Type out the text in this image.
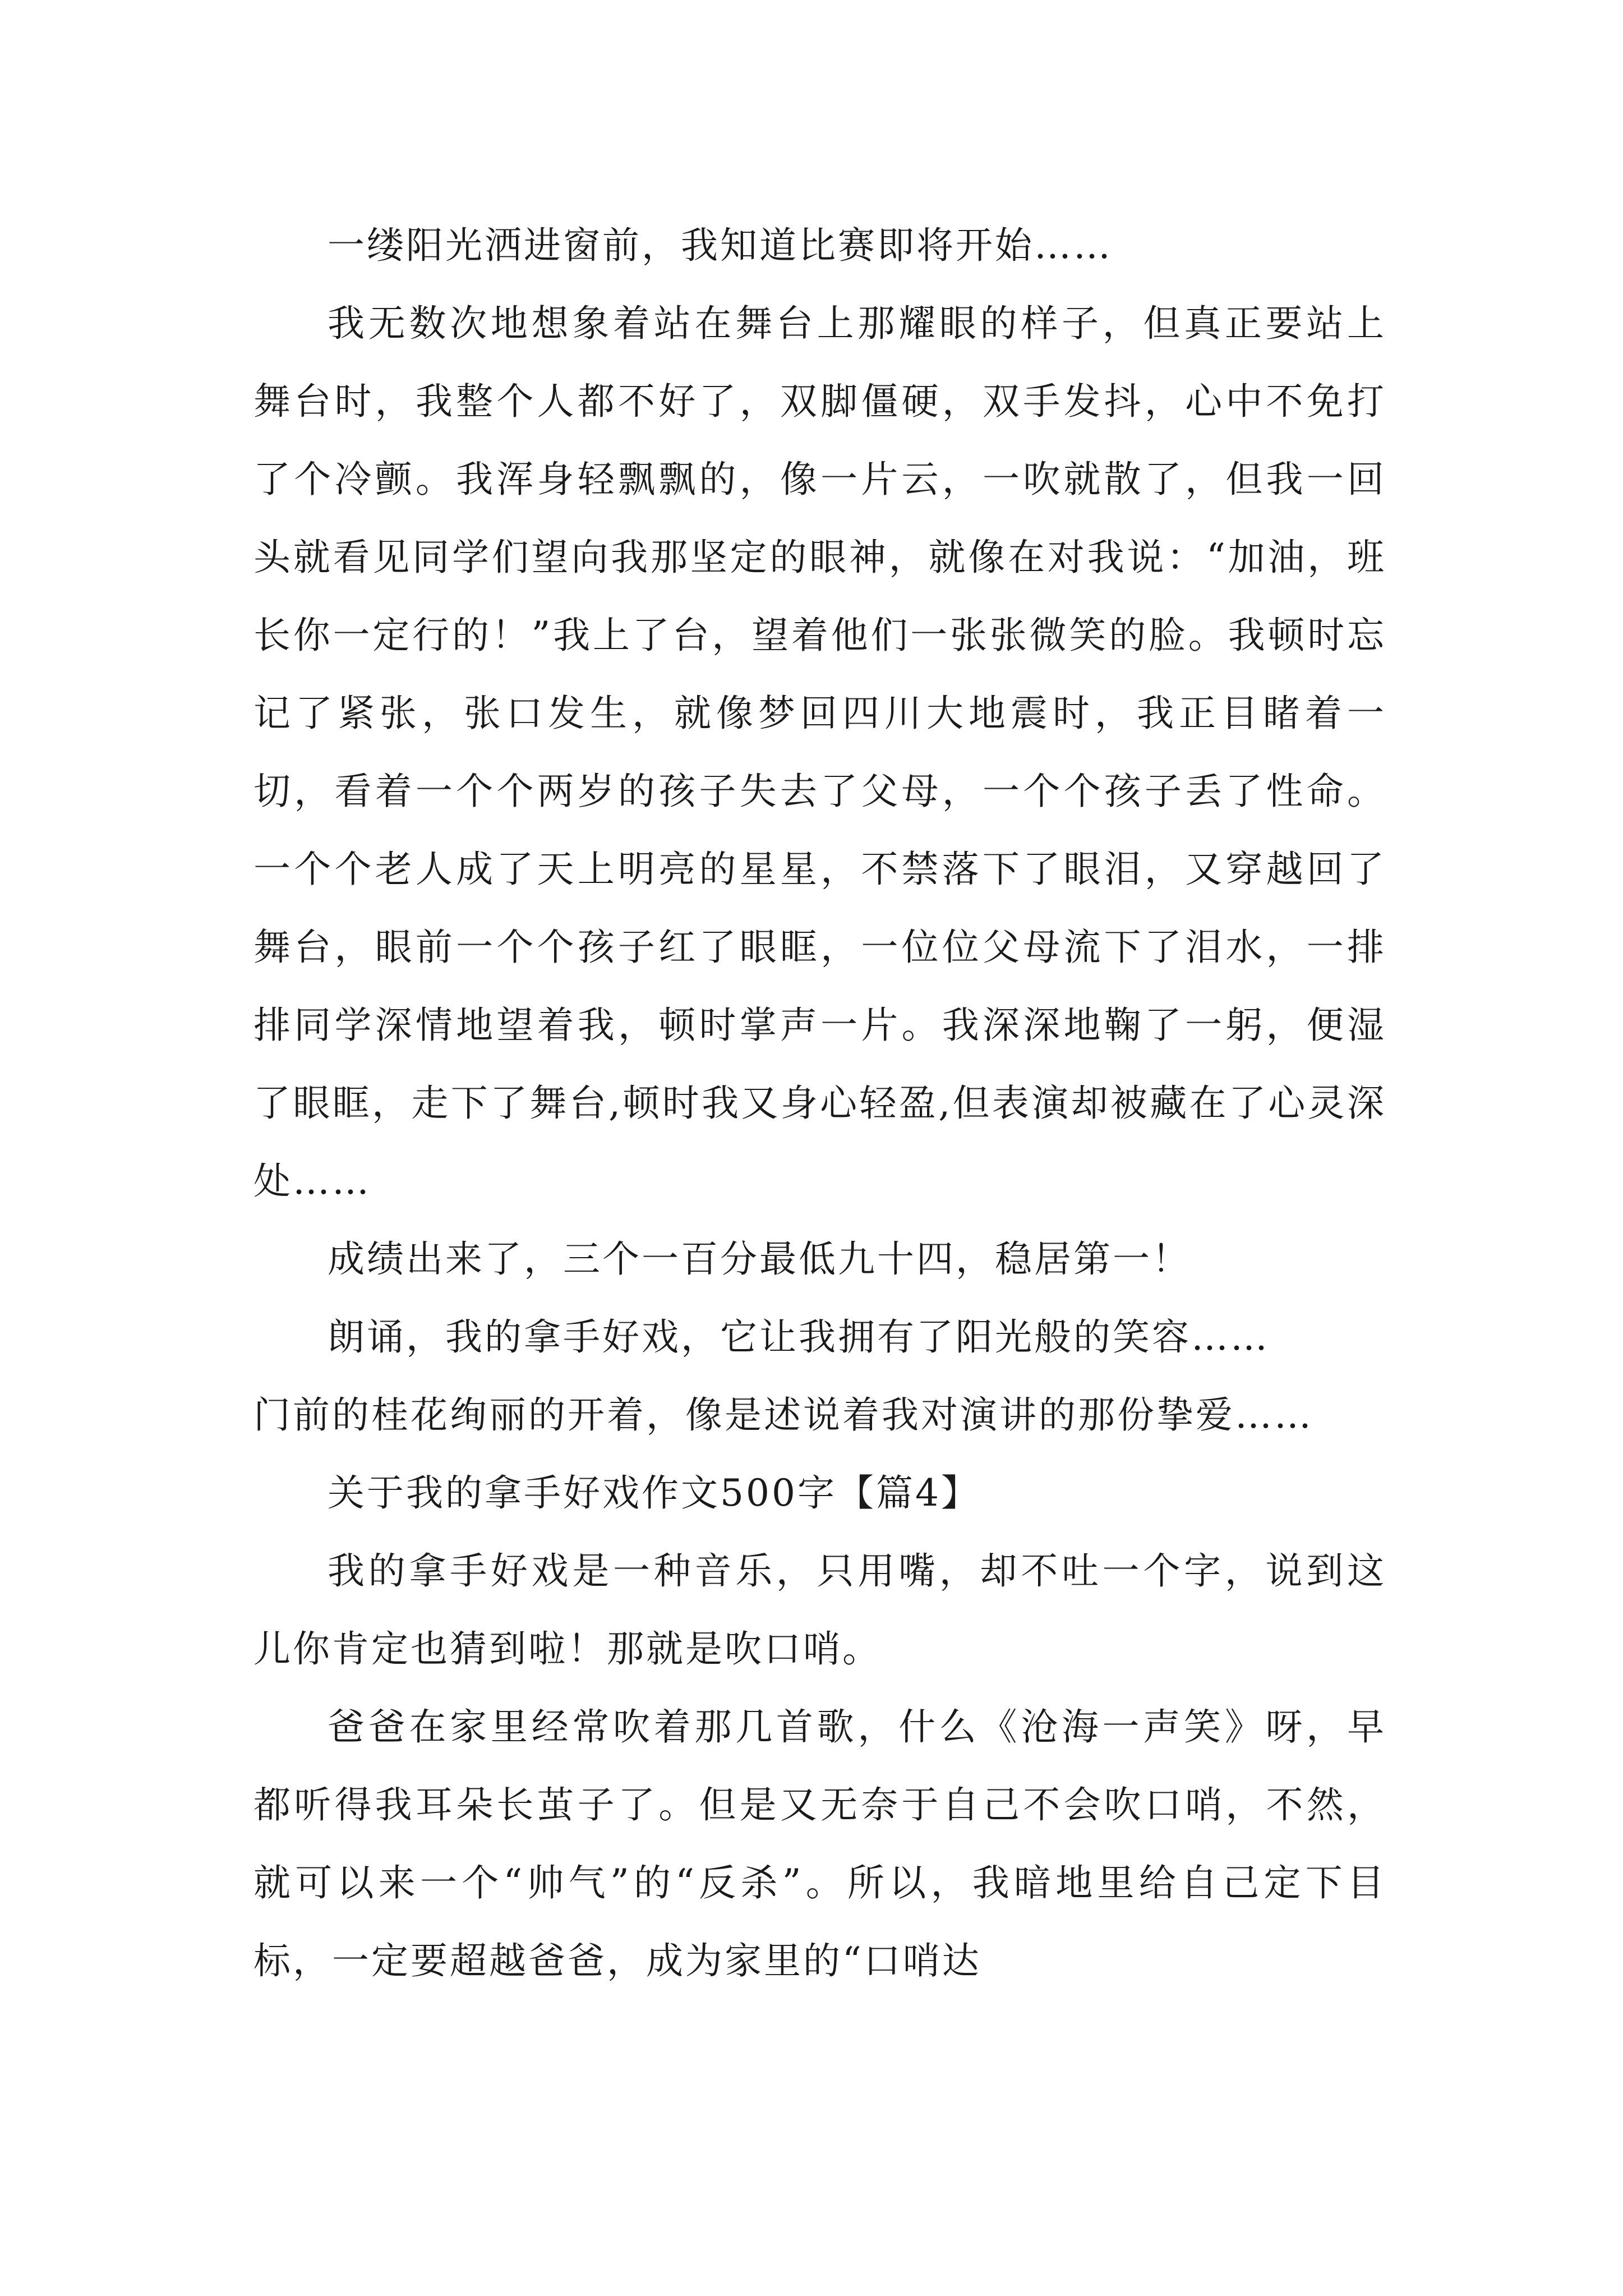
一缕阳光洒进窗前，我知道比赛即将开始……

我无数次地想象着站在舞台上那耀眼的样子，但真正要站上舞台时，我整个人都不好了，双脚僵硬，双手发抖，心中不免打了个冷颤。我浑身轻飘飘的，像一片云，一吹就散了，但我一回头就看见同学们望向我那坚定的眼神，就像在对我说：“加油，班长你一定行的！”我上了台，望着他们一张张微笑的脸。我顿时忘记了紧张，张口发生，就像梦回四川大地震时，我正目睹着一切，看着一个个两岁的孩子失去了父母，一个个孩子丢了性命。一个个老人成了天上明亮的星星，不禁落下了眼泪，又穿越回了舞台，眼前一个个孩子红了眼眶，一位位父母流下了泪水，一排排同学深情地望着我，顿时掌声一片。我深深地鞠了一躬，便湿了眼眶，走下了舞台,顿时我又身心轻盈,但表演却被藏在了心灵深处……

成绩出来了，三个一百分最低九十四，稳居第一！

朗诵，我的拿手好戏，它让我拥有了阳光般的笑容……

门前的桂花绚丽的开着，像是述说着我对演讲的那份挚爱……

关于我的拿手好戏作文500字【篇4】

我的拿手好戏是一种音乐，只用嘴，却不吐一个字，说到这儿你肯定也猜到啦！那就是吹口哨。

爸爸在家里经常吹着那几首歌，什么《沧海一声笑》呀，早都听得我耳朵长茧子了。但是又无奈于自己不会吹口哨，不然，就可以来一个“帅气”的“反杀”。所以，我暗地里给自己定下目标，一定要超越爸爸，成为家里的“口哨达
